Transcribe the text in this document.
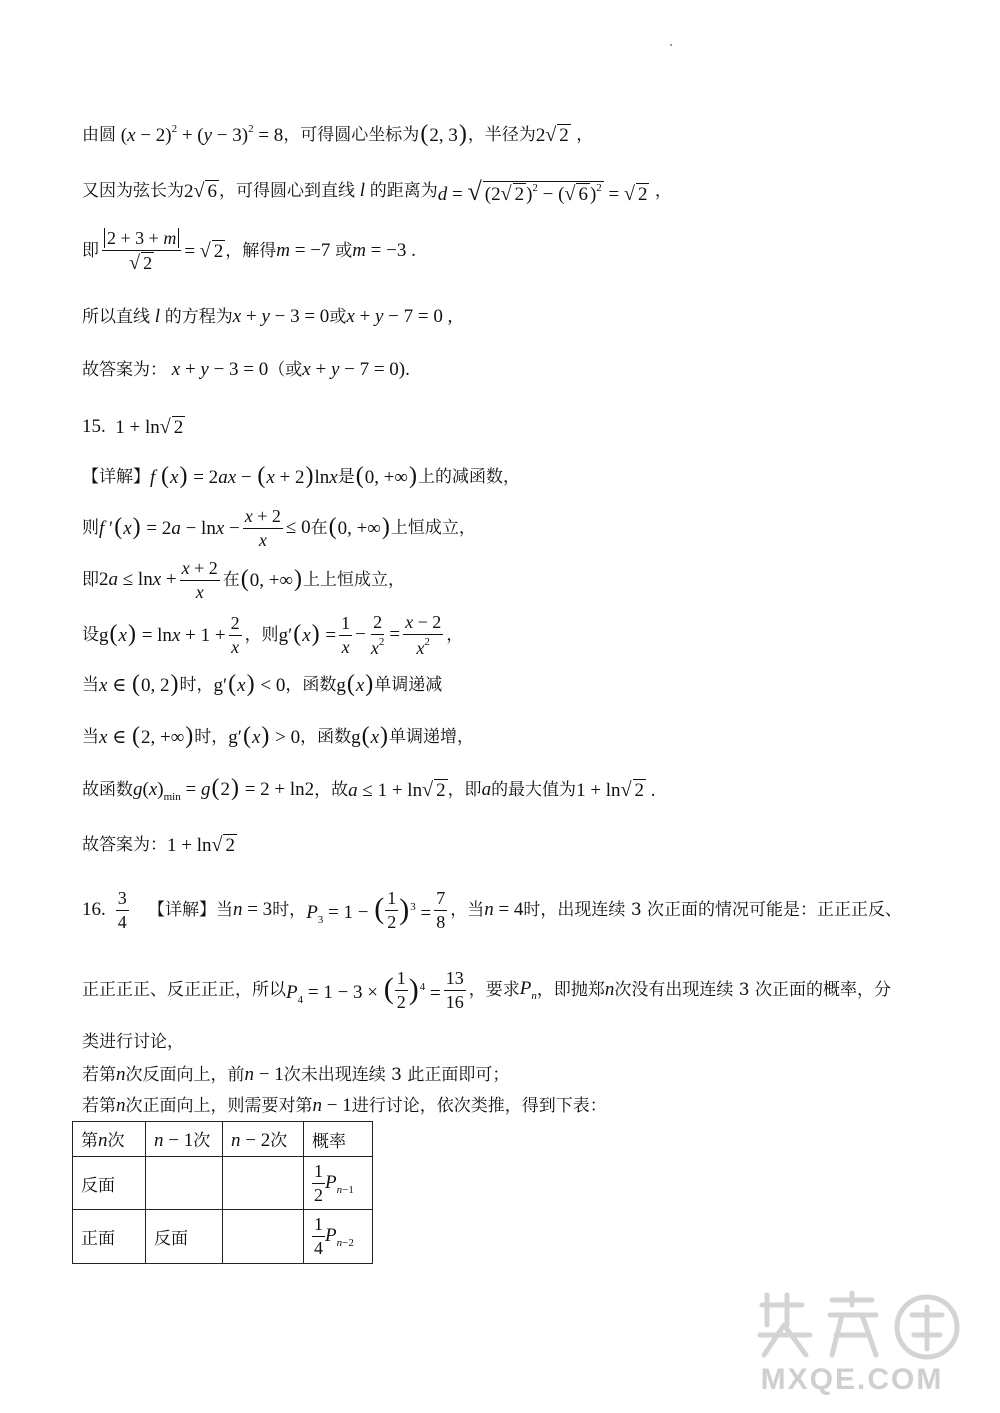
由圆 $(x - 2)^2 + (y - 3)^2 = 8$ ，可得圆心坐标为 (2, 3) ，半径为 2√ 2 ，
又因为弦长为 2√ 6 ，可得圆心到直线 l 的距离为 d = √ (2√ 2 )$^2$ − (√ 6 )$^2$ = √ 2 ，
即 $\frac{2 + 3 + m}{√ 2}$ = √ 2 ，解得 m = −7 或 m = −3 .
所以直线 l 的方程为 x + y − 3 = 0 或 x + y − 7 = 0 ,
故答案为： x + y − 3 = 0 （或 x + y − 7 = 0).
15. 1 + ln√ 2
【详解】 f (x) = 2ax − (x + 2)lnx 是 (0, +∞) 上的减函数，
则 f $'(x) = 2a - \ln x - \frac{x + 2}{x} \le 0$ 在 (0, +∞) 上恒成立，
即 $2a \le \ln x + \frac{x + 2}{x}$ 在 (0, +∞) 上上恒成立，
设 $g(x) = \ln x + 1 + \frac{2}{x}$ ，则 $g'(x) = \frac{1}{x} - \frac{2}{x^2} = \frac{x - 2}{x^2}$ ，
当 x ∈ (0, 2) 时， g′(x) < 0 ，函数 g(x) 单调递减
当 x ∈ (2, +∞) 时， g′(x) > 0 ，函数 g(x) 单调递增，
故函数 $g(x)_{min} = g(2) = 2 + \ln 2$ ，故 a ≤ 1 + ln√ 2 ，即 a 的最大值为 1 + ln√ 2 .
故答案为： 1 + ln√ 2
16. $\frac{3}{4}$
【详解】当 n = 3 时， $P_3 = 1$ − ( $\frac{1}{2} )^3 = \frac{7}{8}$ ，当 n = 4 时，出现连续 3 次正面的情况可能是：正正正反、
正正正正、反正正正，所以 $P_4 = 1 - 3$ × ( $\frac{1}{2} )^4 = \frac{13}{16}$ ，要求 $P_n$ ，即抛郑 n 次没有出现连续 3 次正面的概率，分
类进行讨论，
若第 n 次反面向上，前 n − 1 次未出现连续 3 此正面即可；
若第 n 次正面向上，则需要对第 n − 1 进行讨论，依次类推，得到下表：
第n次	n − 1次	n − 2次	概率
反面			$\frac{1}{2} P_{n-1}$
正面	反面		$\frac{1}{4} P_{n-2}$
MXQE.COM
